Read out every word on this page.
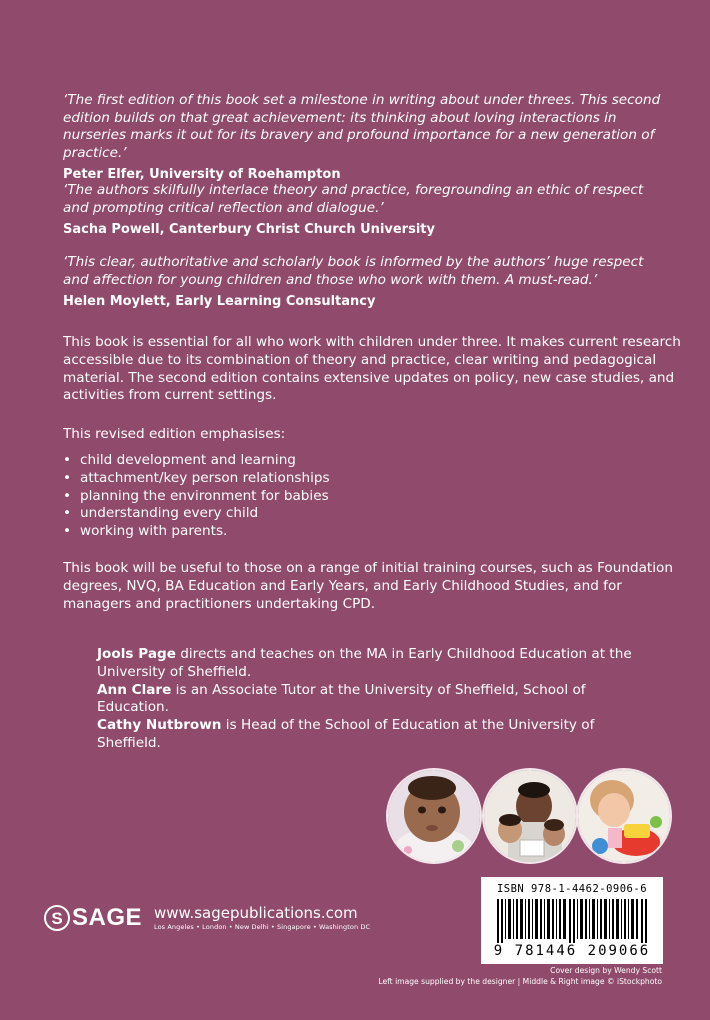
‘The first edition of this book set a milestone in writing about under threes. This second edition builds on that great achievement: its thinking about loving interactions in nurseries marks it out for its bravery and profound importance for a new generation of practice.’

Peter Elfer, University of Roehampton

‘The authors skilfully interlace theory and practice, foregrounding an ethic of respect and prompting critical reflection and dialogue.’

Sacha Powell, Canterbury Christ Church University

‘This clear, authoritative and scholarly book is informed by the authors’ huge respect and affection for young children and those who work with them. A must-read.’

Helen Moylett, Early Learning Consultancy

This book is essential for all who work with children under three. It makes current research accessible due to its combination of theory and practice, clear writing and pedagogical material. The second edition contains extensive updates on policy, new case studies, and activities from current settings.

This revised edition emphasises:

• child development and learning
• attachment/key person relationships
• planning the environment for babies
• understanding every child
• working with parents.

This book will be useful to those on a range of initial training courses, such as Foundation degrees, NVQ, BA Education and Early Years, and Early Childhood Studies, and for managers and practitioners undertaking CPD.

Jools Page directs and teaches on the MA in Early Childhood Education at the University of Sheffield.

Ann Clare is an Associate Tutor at the University of Sheffield, School of Education.

Cathy Nutbrown is Head of the School of Education at the University of Sheffield.

ISBN 978-1-4462-0906-6
9 781446 209066
S SAGE www.sagepublications.com
Los Angeles • London • New Delhi • Singapore • Washington DC
Cover design by Wendy Scott
Left image supplied by the designer | Middle & Right image © iStockphoto
